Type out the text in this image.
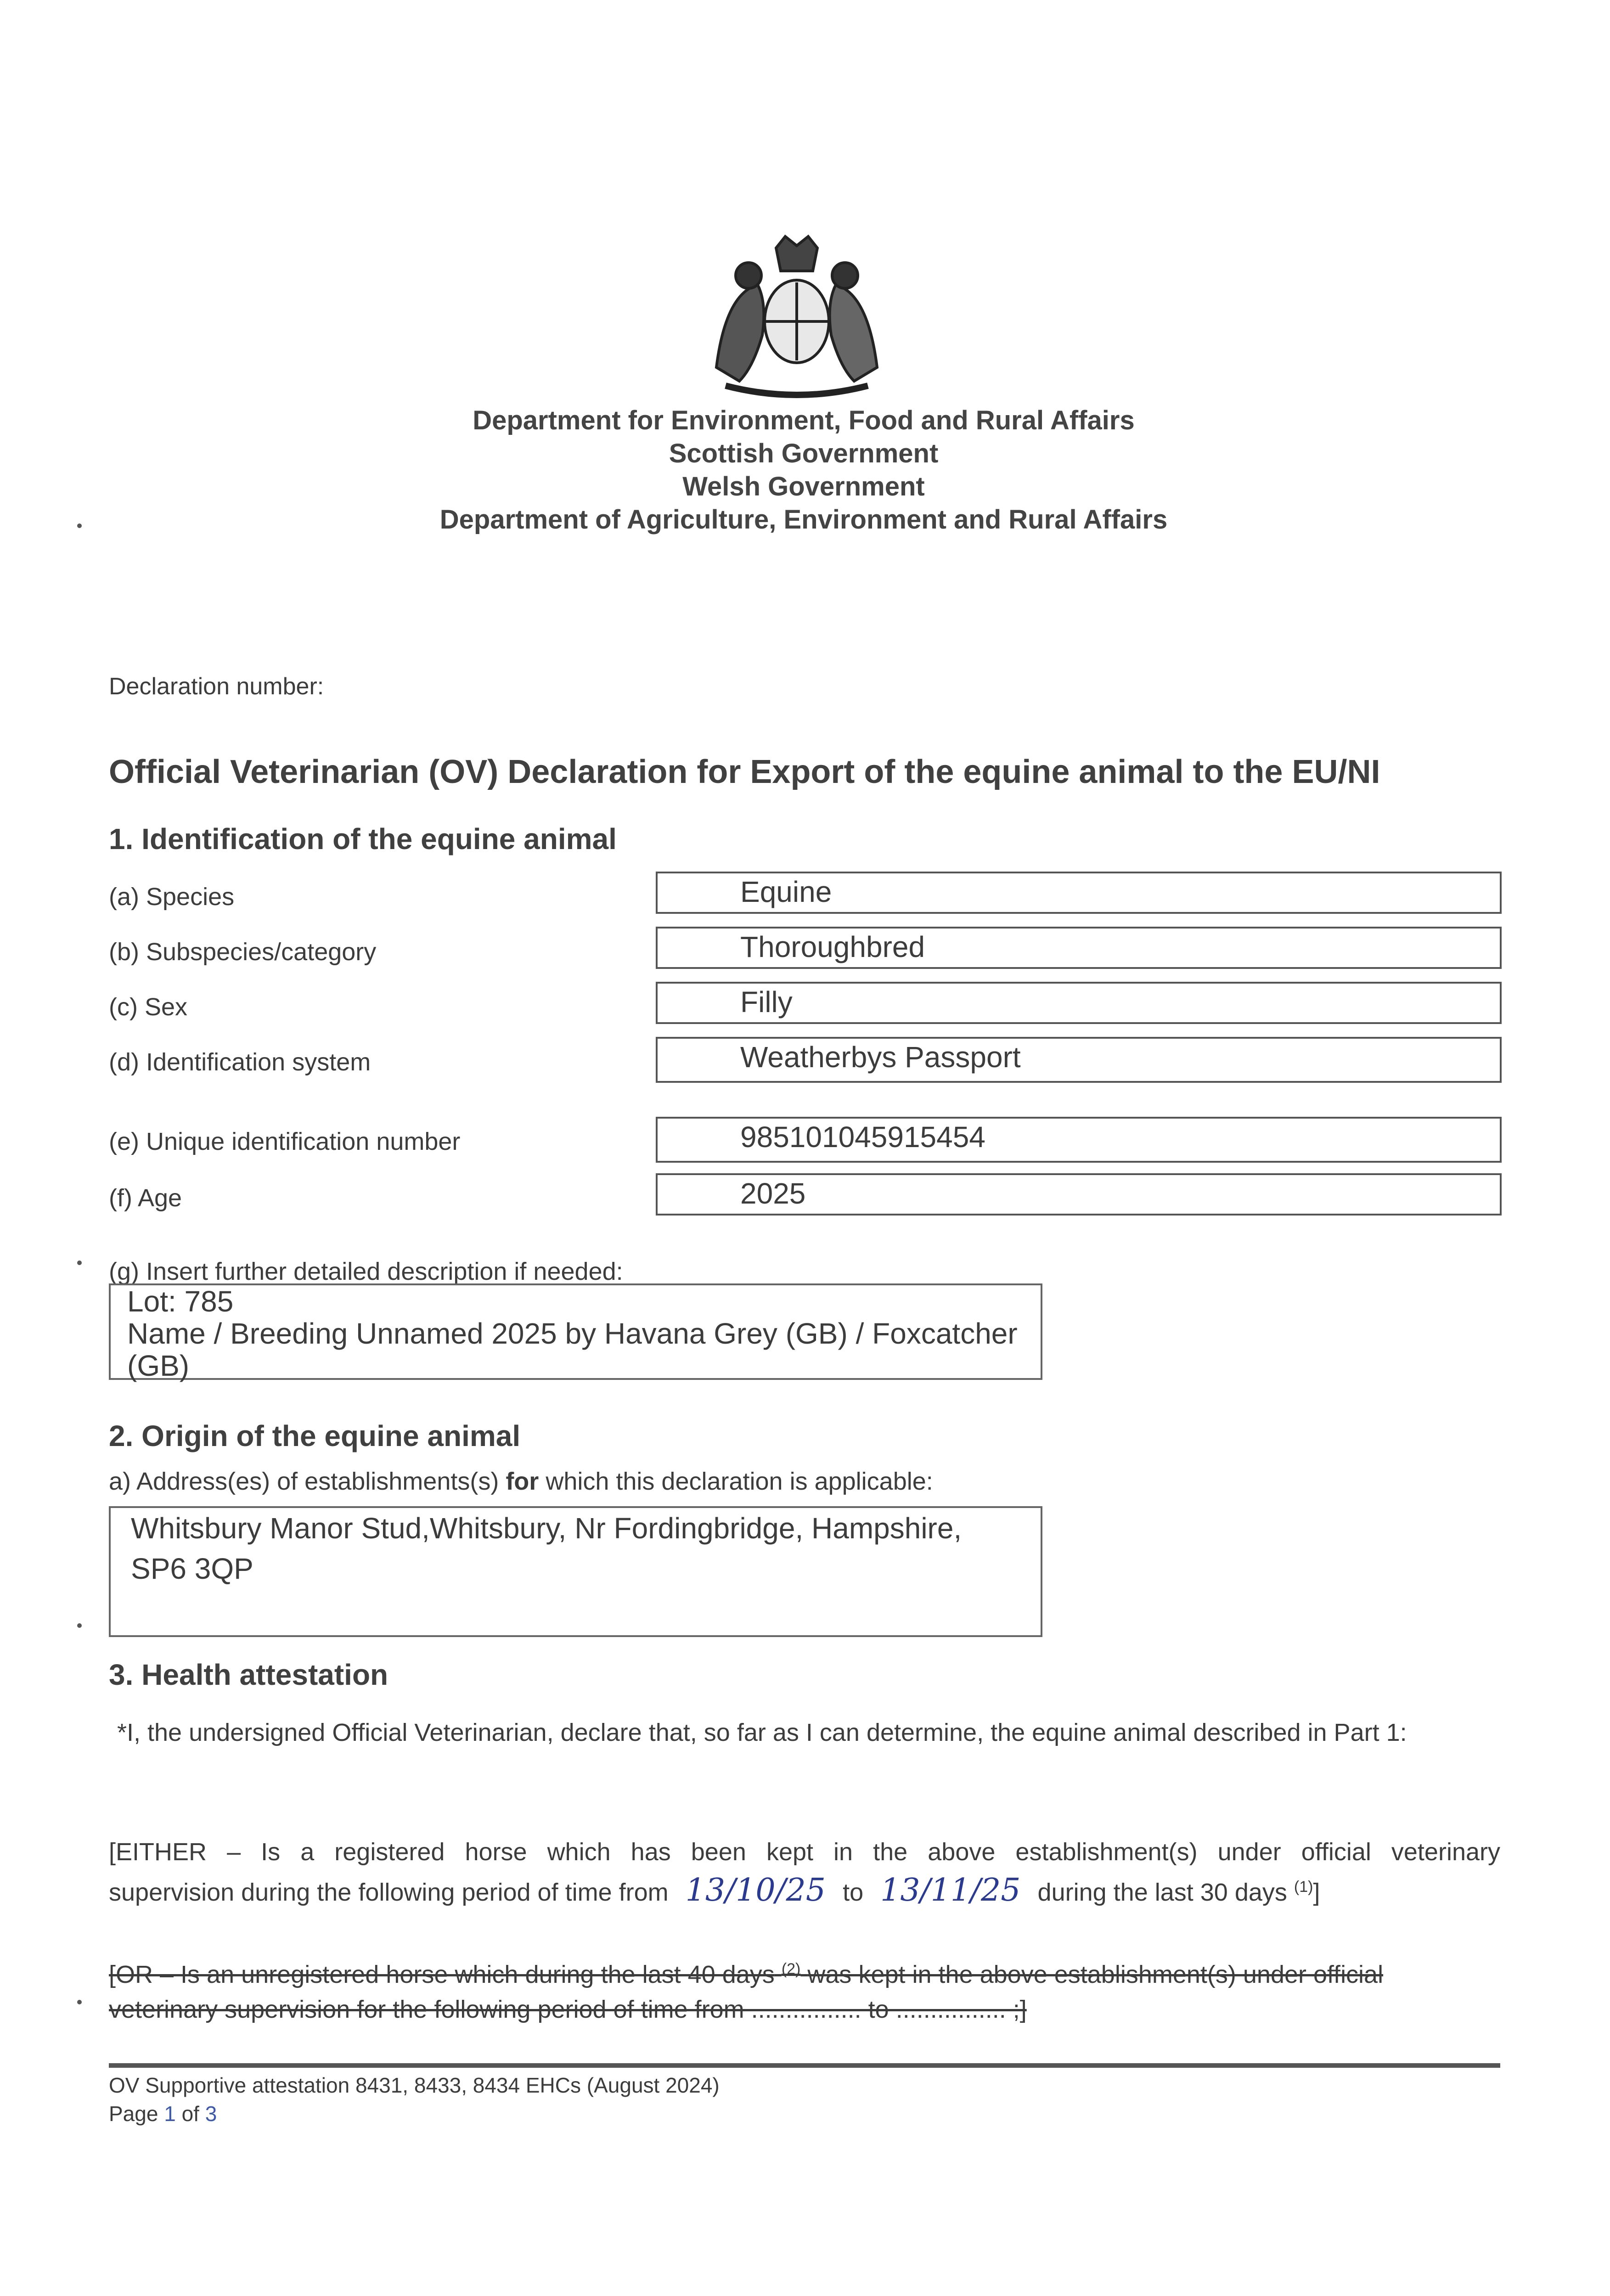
Department for Environment, Food and Rural Affairs
Scottish Government
Welsh Government
Department of Agriculture, Environment and Rural Affairs
Declaration number:
Official Veterinarian (OV) Declaration for Export of the equine animal to the EU/NI
1. Identification of the equine animal
(a) Species	Equine
(b) Subspecies/category	Thoroughbred
(c) Sex	Filly
(d) Identification system	Weatherbys Passport
(e) Unique identification number	985101045915454
(f) Age	2025
(g) Insert further detailed description if needed:
Lot: 785
Name / Breeding Unnamed 2025 by Havana Grey (GB) / Foxcatcher (GB)
2. Origin of the equine animal
a) Address(es) of establishments(s) for which this declaration is applicable:
Whitsbury Manor Stud,Whitsbury, Nr Fordingbridge, Hampshire, SP6 3QP
3. Health attestation
*I, the undersigned Official Veterinarian, declare that, so far as I can determine, the equine animal described in Part 1:
[EITHER – Is a registered horse which has been kept in the above establishment(s) under official veterinary
supervision during the following period of time from 13/10/25 to 13/11/25 during the last 30 days $^{(1)}$]
[OR – Is an unregistered horse which during the last 40 days $^{(2)}$ was kept in the above establishment(s) under official
veterinary supervision for the following period of time from ................ to ................ ;]
OV Supportive attestation 8431, 8433, 8434 EHCs (August 2024)
Page 1 of 3
